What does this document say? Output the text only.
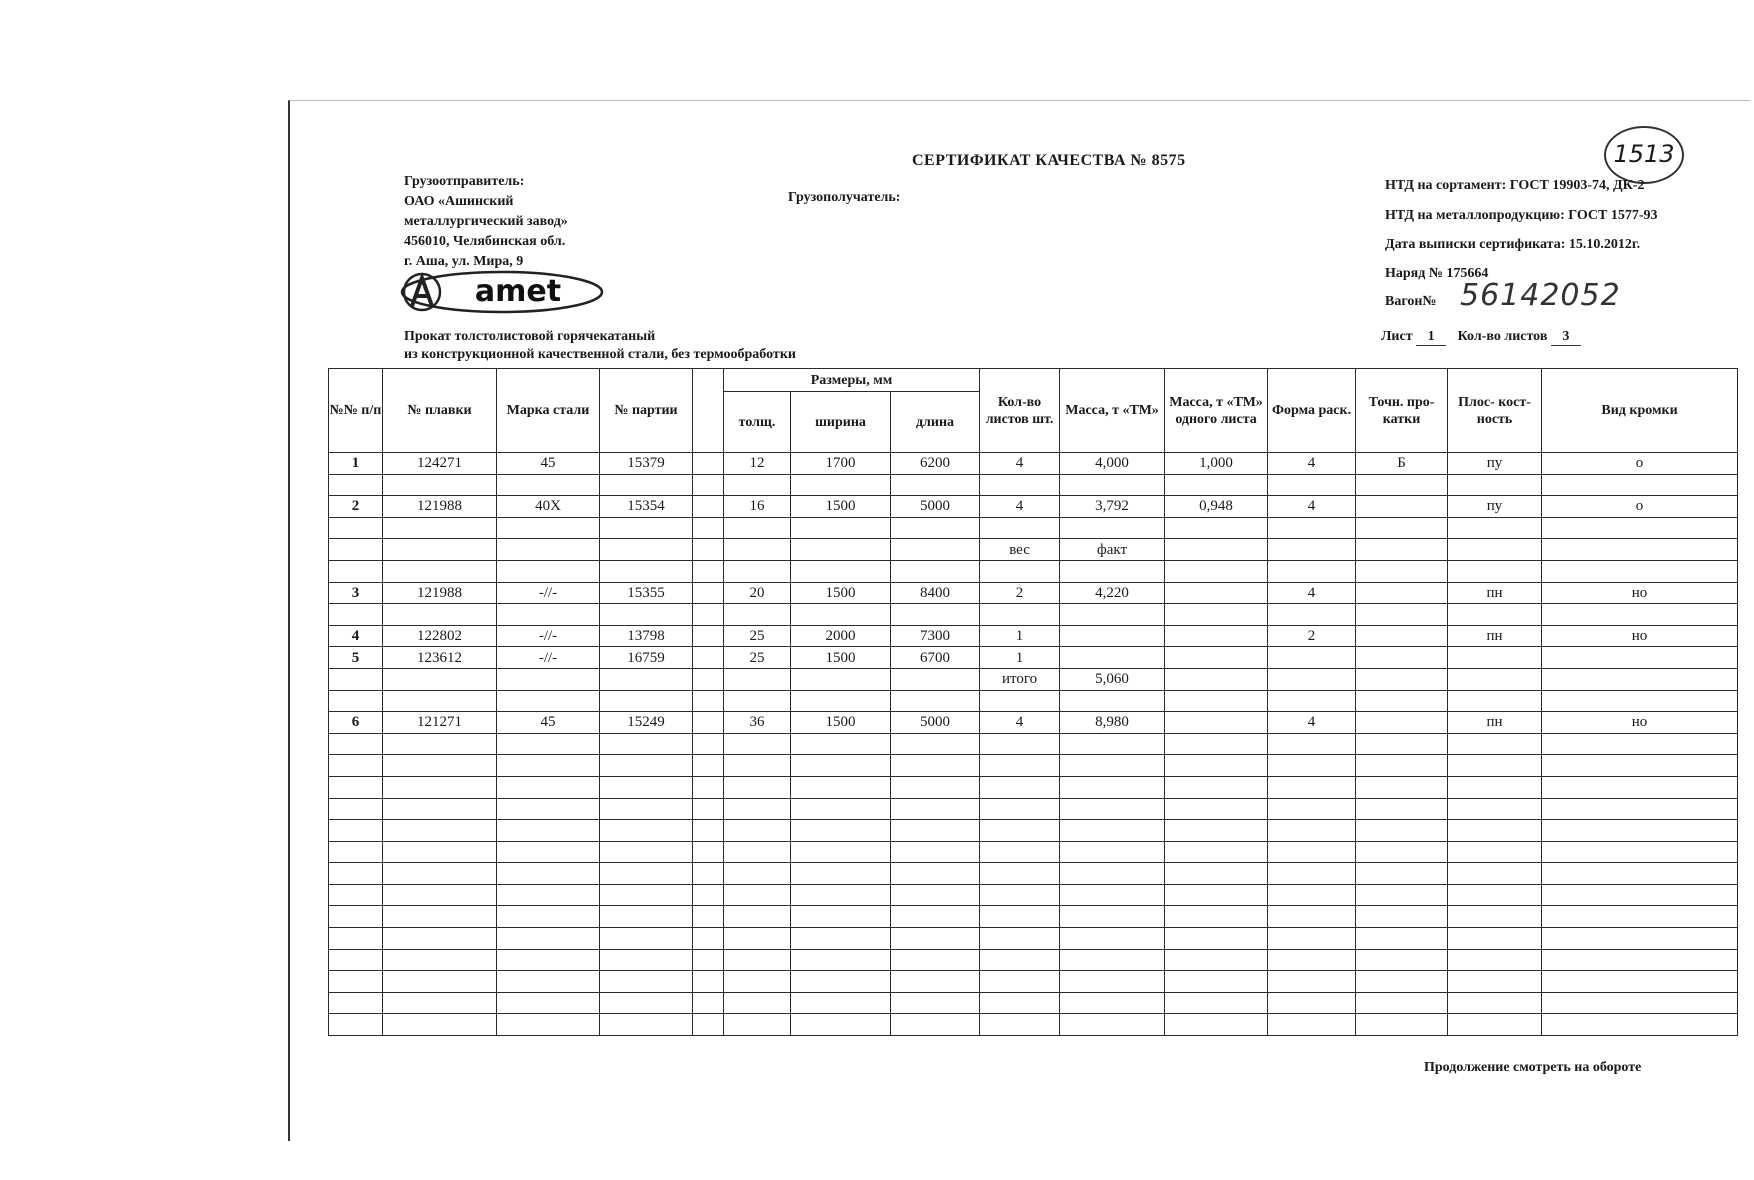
СЕРТИФИКАТ КАЧЕСТВА № 8575	1513
Грузоотправитель:
ОАО «Ашинский
металлургический завод»
456010, Челябинская обл.
г. Аша, ул. Мира, 9
amet
Грузополучатель:
НТД на сортамент: ГОСТ 19903-74, ДК-2
НТД на металлопродукцию: ГОСТ 1577-93
Дата выписки сертификата: 15.10.2012г.
Наряд № 175664
Вагон№ 56142052
Прокат толстолистовой горячекатаный
из конструкционной качественной стали, без термообработки
Лист 1 Кол-во листов 3
№№ п/п	№ плавки	Марка стали	№ партии		Размеры, мм			Кол-во листов шт.	Масса, т «ТМ»	Масса, т «ТМ» одного листа	Форма раск.	Точн. про- катки	Плос- кост- ность	Вид кромки
					толщ.	ширина	длина							
1	124271	45	15379		12	1700	6200	4	4,000	1,000	4	Б	пу	о

2	121988	40Х	15354		16	1500	5000	4	3,792	0,948	4		пу	о

								вес	факт					

3	121988	-//-	15355		20	1500	8400	2	4,220		4		пн	но

4	122802	-//-	13798		25	2000	7300	1			2		пн	но
5	123612	-//-	16759		25	1500	6700	1						
								итого	5,060					

6	121271	45	15249		36	1500	5000	4	8,980		4		пн	но

Продолжение смотреть на обороте
